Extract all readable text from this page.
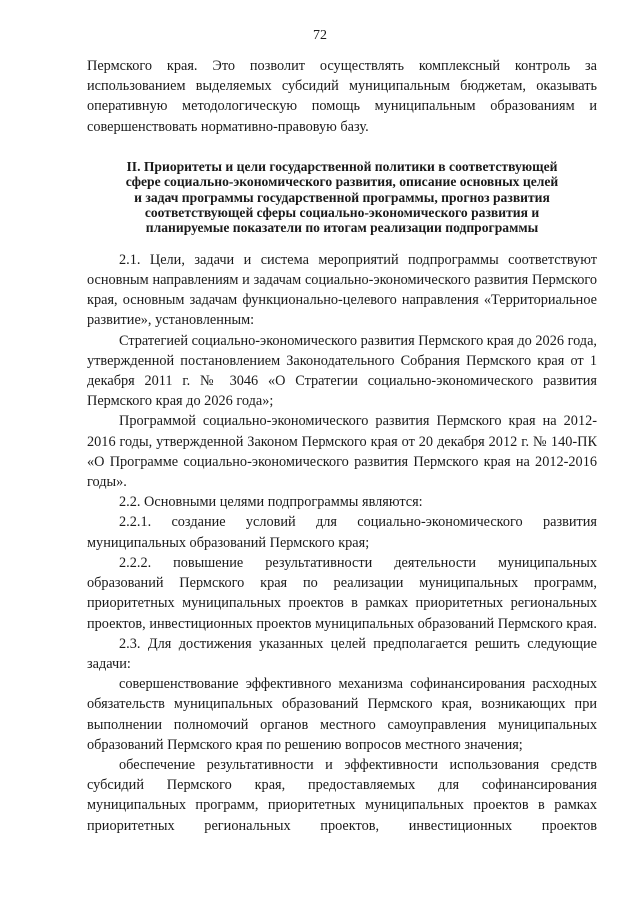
72

Пермского края. Это позволит осуществлять комплексный контроль за использованием выделяемых субсидий муниципальным бюджетам, оказывать оперативную методологическую помощь муниципальным образованиям и совершенствовать нормативно-правовую базу.

II. Приоритеты и цели государственной политики в соответствующей
сфере социально-экономического развития, описание основных целей
и задач программы государственной программы, прогноз развития
соответствующей сферы социально-экономического развития и
планируемые показатели по итогам реализации подпрограммы

2.1. Цели, задачи и система мероприятий подпрограммы соответствуют основным направлениям и задачам социально-экономического развития Пермского края, основным задачам функционально-целевого направления «Территориальное развитие», установленным:

Стратегией социально-экономического развития Пермского края до 2026 года, утвержденной постановлением Законодательного Собрания Пермского края от 1 декабря 2011 г. № 3046 «О Стратегии социально-экономического развития Пермского края до 2026 года»;

Программой социально-экономического развития Пермского края на 2012-2016 годы, утвержденной Законом Пермского края от 20 декабря 2012 г. № 140-ПК «О Программе социально-экономического развития Пермского края на 2012-2016 годы».

2.2. Основными целями подпрограммы являются:

2.2.1. создание условий для социально-экономического развития муниципальных образований Пермского края;

2.2.2. повышение результативности деятельности муниципальных образований Пермского края по реализации муниципальных программ, приоритетных муниципальных проектов в рамках приоритетных региональных проектов, инвестиционных проектов муниципальных образований Пермского края.

2.3. Для достижения указанных целей предполагается решить следующие задачи:

совершенствование эффективного механизма софинансирования расходных обязательств муниципальных образований Пермского края, возникающих при выполнении полномочий органов местного самоуправления муниципальных образований Пермского края по решению вопросов местного значения;

обеспечение результативности и эффективности использования средств субсидий Пермского края, предоставляемых для софинансирования муниципальных программ, приоритетных муниципальных проектов в рамках приоритетных региональных проектов, инвестиционных проектов
